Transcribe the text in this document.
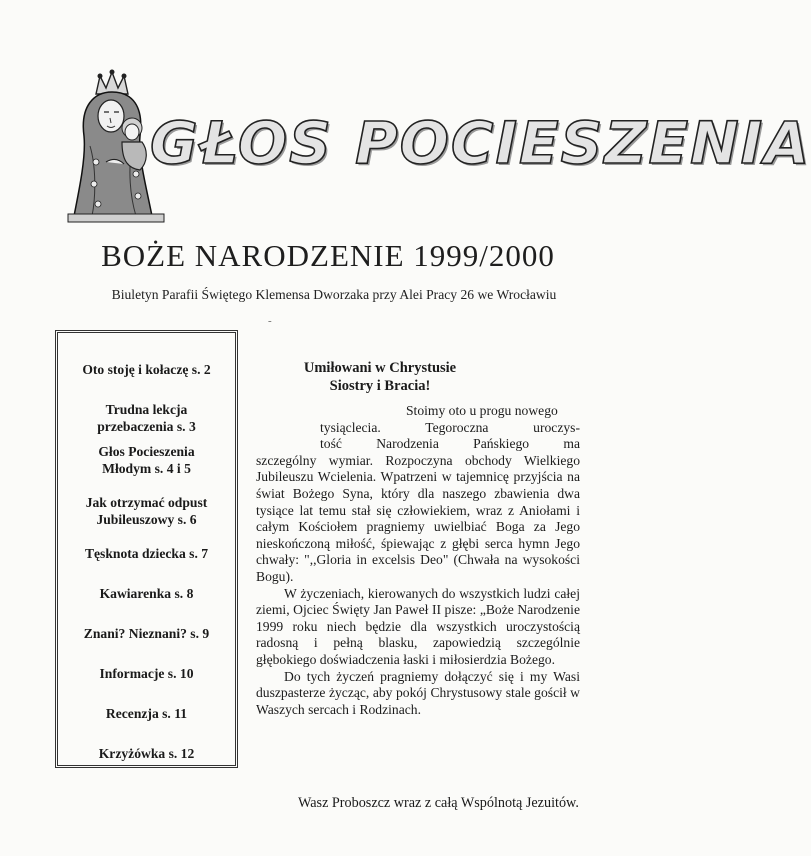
GŁOS POCIESZENIA
BOŻE NARODZENIE 1999/2000
Biuletyn Parafii Świętego Klemensa Dworzaka przy Alei Pracy 26 we Wrocławiu
-
Oto stoję i kołaczę s. 2
Trudna lekcja
przebaczenia s. 3
Głos Pocieszenia
Młodym s. 4 i 5
Jak otrzymać odpust
Jubileuszowy s. 6
Tęsknota dziecka s. 7
Kawiarenka s. 8
Znani? Nieznani? s. 9
Informacje s. 10
Recenzja s. 11
Krzyżówka s. 12
Umiłowani w Chrystusie
Siostry i Bracia!

Stoimy oto u progu nowego
tysiąclecia. Tegoroczna uroczys-
tość Narodzenia Pańskiego ma
szczególny wymiar. Rozpoczyna obchody Wielkiego Jubileuszu Wcielenia. Wpatrzeni w tajemnicę przyjścia na świat Bożego Syna, który dla naszego zbawienia dwa tysiące lat temu stał się człowiekiem, wraz z Aniołami i całym Kościołem pragniemy uwielbiać Boga za Jego nieskończoną miłość, śpiewając z głębi serca hymn Jego chwały: ",,Gloria in excelsis Deo" (Chwała na wysokości Bogu).

W życzeniach, kierowanych do wszystkich ludzi całej ziemi, Ojciec Święty Jan Paweł II pisze: „Boże Narodzenie 1999 roku niech będzie dla wszystkich uroczystością radosną i pełną blasku, zapowiedzią szczególnie głębokiego doświadczenia łaski i miłosierdzia Bożego.

Do tych życzeń pragniemy dołączyć się i my Wasi duszpasterze życząc, aby pokój Chrystusowy stale gościł w Waszych sercach i Rodzinach.

Wasz Proboszcz wraz z całą Wspólnotą Jezuitów.
